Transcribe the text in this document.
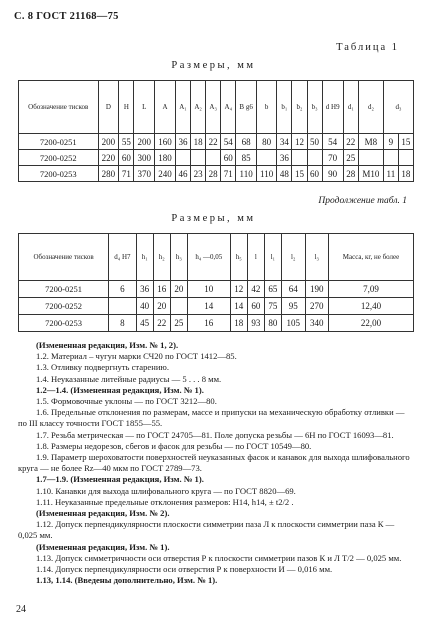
С. 8 ГОСТ 21168—75
Таблица 1
Размеры, мм
Обозначение тисков	D	H	L	A	A₁	A₂	A₃	A₄	B g6	b	b₁	b₂	b₃	d H9	d₁	d₂	d₃	
7200-0251	200	55	200	160	36	18	22	54	68	80	34	12	50	54	22	M8	9	15
7200-0252	220	60	300	180				60	85		36			70	25			
7200-0253	280	71	370	240	46	23	28	71	110	110	48	15	60	90	28	M10	11	18
Размеры, мм
Продолжение табл. 1
Обозначение тисков	d₄ H7	h₁	h₂	h₃	h₄ —0,05	h₅	l	l₁	l₂	l₃	Масса, кг, не более
7200-0251	6	36	16	20	10	12	42	65	64	190	7,09
7200-0252		40	20		14	14	60	75	95	270	12,40
7200-0253	8	45	22	25	16	18	93	80	105	340	22,00

(Измененная редакция, Изм. № 1, 2).

1.2. Материал – чугун марки СЧ20 по ГОСТ 1412—85.

1.3. Отливку подвергнуть старению.

1.4. Неуказанные литейные радиусы — 5 . . . 8 мм.

1.2—1.4. (Измененная редакция, Изм. № 1).

1.5. Формовочные уклоны — по ГОСТ 3212—80.

1.6. Предельные отклонения по размерам, массе и припуски на механическую обработку отливки — по III классу точности ГОСТ 1855—55.

1.7. Резьба метрическая — по ГОСТ 24705—81. Поле допуска резьбы — 6Н по ГОСТ 16093—81.

1.8. Размеры недорезов, сбегов и фасок для резьбы — по ГОСТ 10549—80.

1.9. Параметр шероховатости поверхностей неуказанных фасок и канавок для выхода шлифовального круга — не более Rz—40 мкм по ГОСТ 2789—73.

1.7—1.9. (Измененная редакция, Изм. № 1).

1.10. Канавки для выхода шлифовального круга — по ГОСТ 8820—69.

1.11. Неуказанные предельные отклонения размеров: H14, h14, ± t2/2 .

(Измененная редакция, Изм. № 2).

1.12. Допуск перпендикулярности плоскости симметрии паза Л к плоскости симметрии паза К — 0,025 мм.

(Измененная редакция, Изм. № 1).

1.13. Допуск симметричности оси отверстия Р к плоскости симметрии пазов К и Л T/2 — 0,025 мм.

1.14. Допуск перпендикулярности оси отверстия Р к поверхности И — 0,016 мм.

1.13, 1.14. (Введены дополнительно, Изм. № 1).

24
